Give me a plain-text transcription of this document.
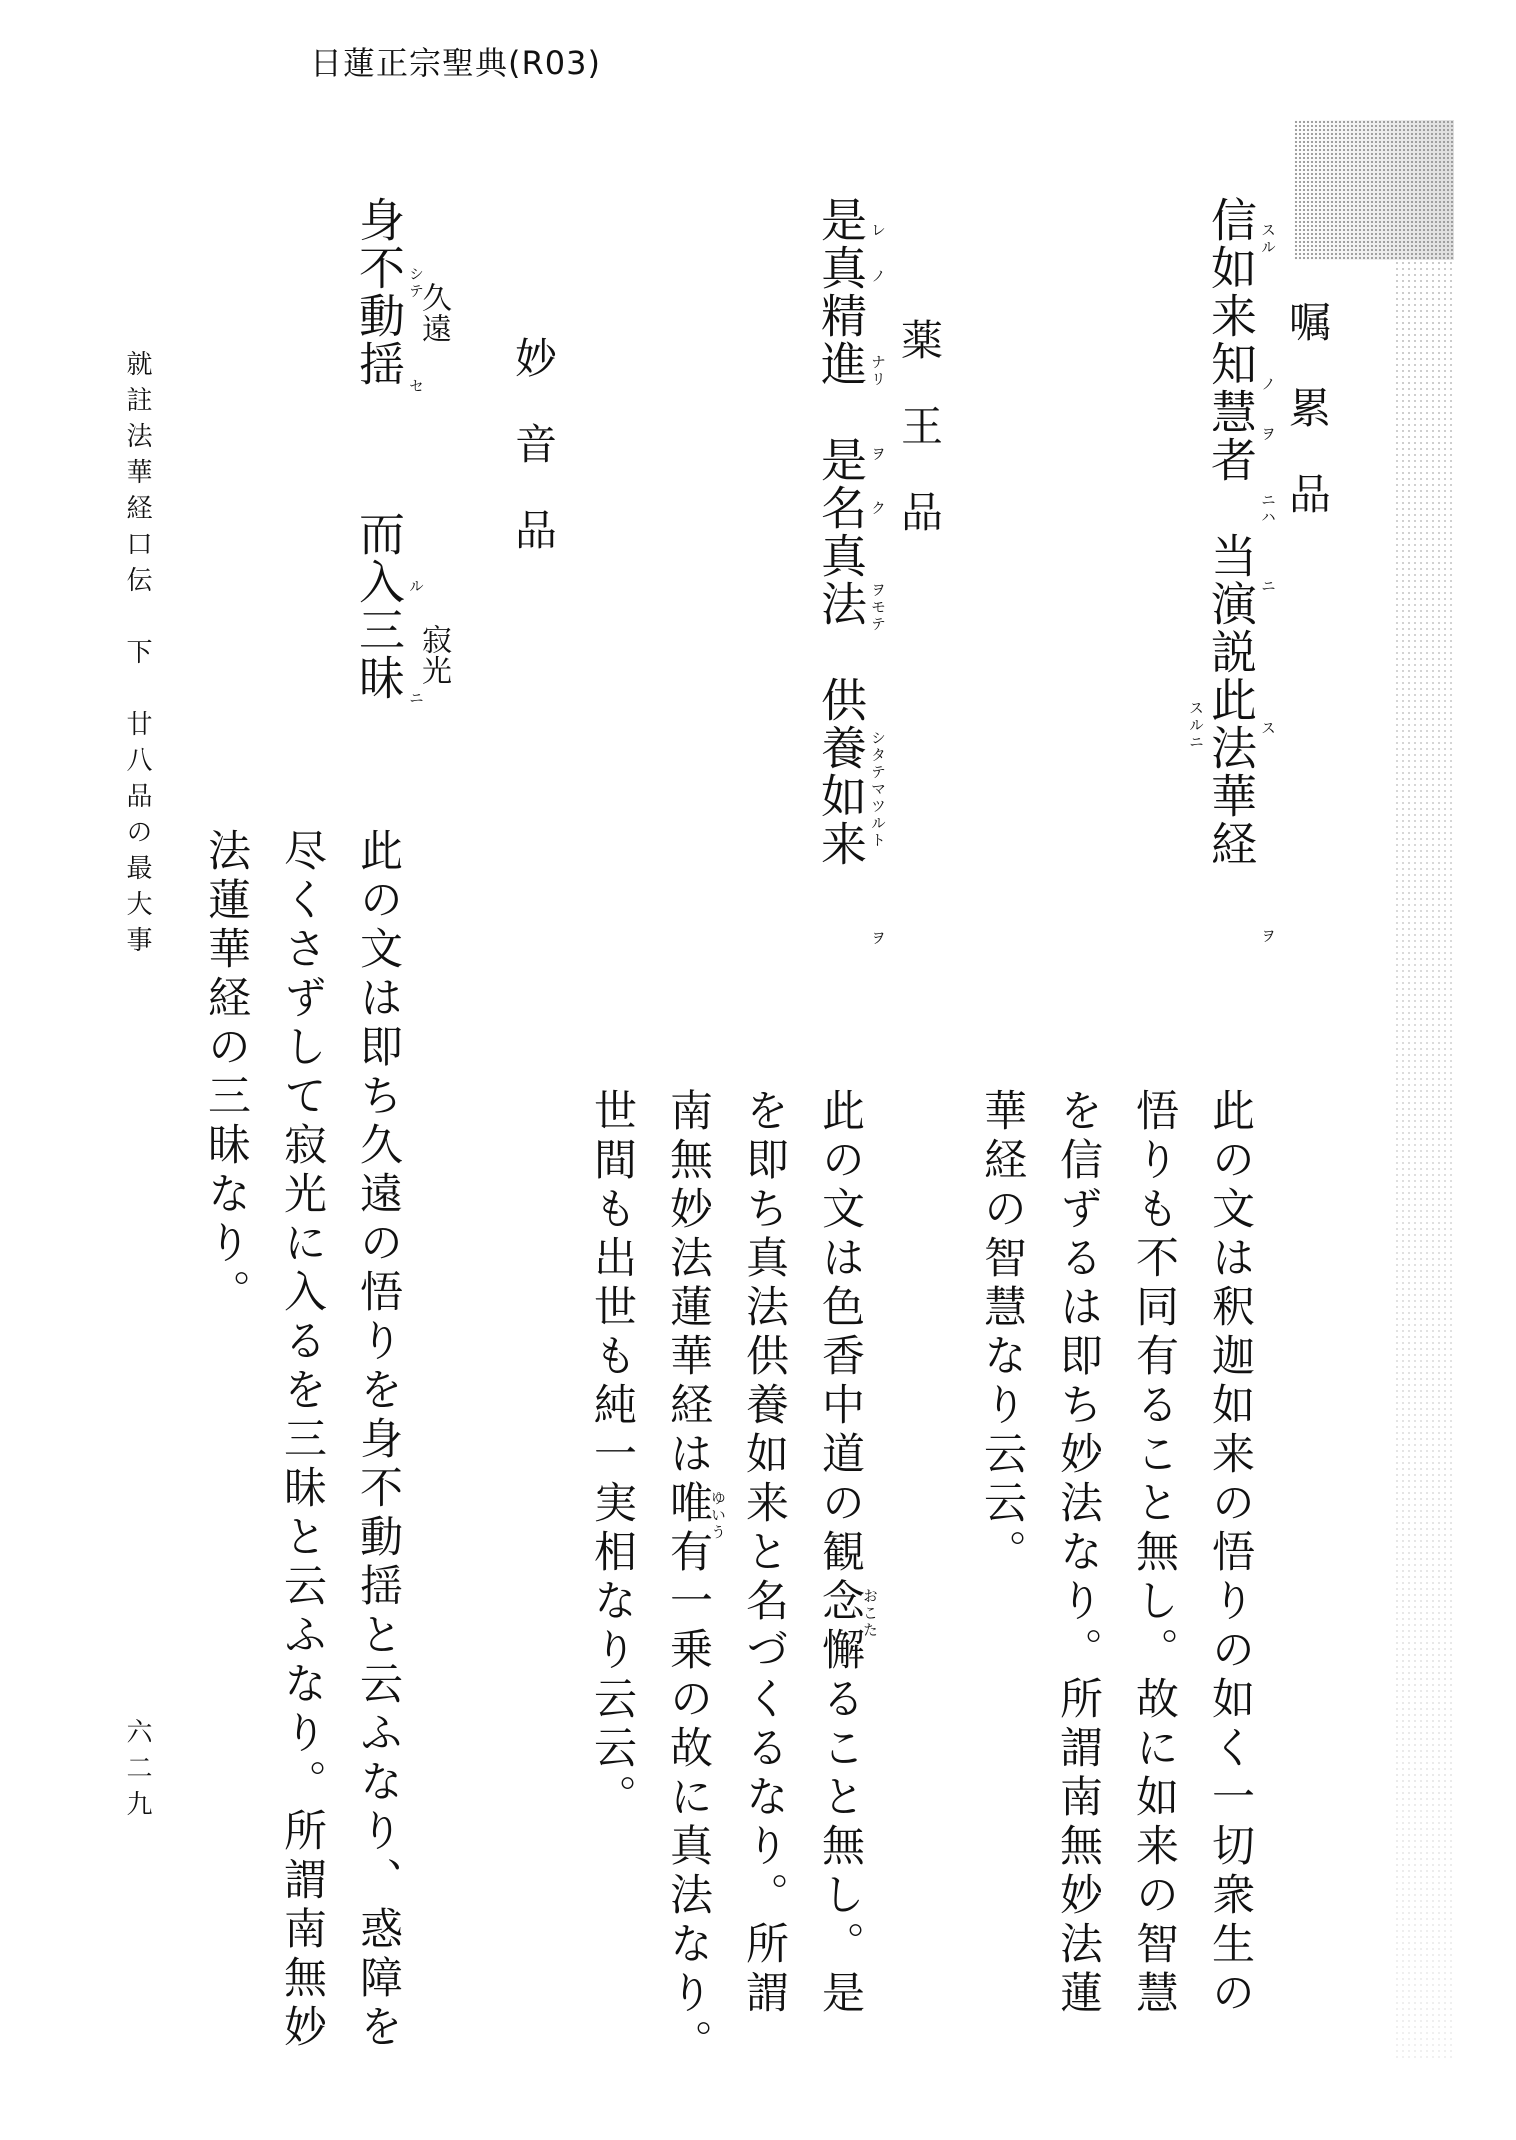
日蓮正宗聖典(R03)
嘱累品
信如来知慧者　当演説此法華経 スル
ノ
ヲ
ニハ
ニ
ス
スルニ
ヲ
此の文は釈迦如来の悟りの如く一切衆生の
悟りも不同有ること無し。故に如来の智慧
を信ずるは即ち妙法なり。所謂南無妙法蓮
華経の智慧なり云云。
薬王品
是真精進　是名真法　供養如来 レ
ノ
ナリ
ヲ
ク
ヲモテ
シタテマツルト
ヲ
此の文は色香中道の観念懈ること無し。是
を即ち真法供養如来と名づくるなり。所謂
南無妙法蓮華経は唯有一乗の故に真法なり。
世間も出世も純一実相なり云云。	おこた
ゆいう
妙音品
身不動揺
而入三昧
久遠
寂光
シテ
セ
ル
ニ
此の文は即ち久遠の悟りを身不動揺と云ふなり、惑障を
尽くさずして寂光に入るを三昧と云ふなり。所謂南無妙
法蓮華経の三昧なり。
就註法華経口伝　下　廿八品の最大事
六二九
